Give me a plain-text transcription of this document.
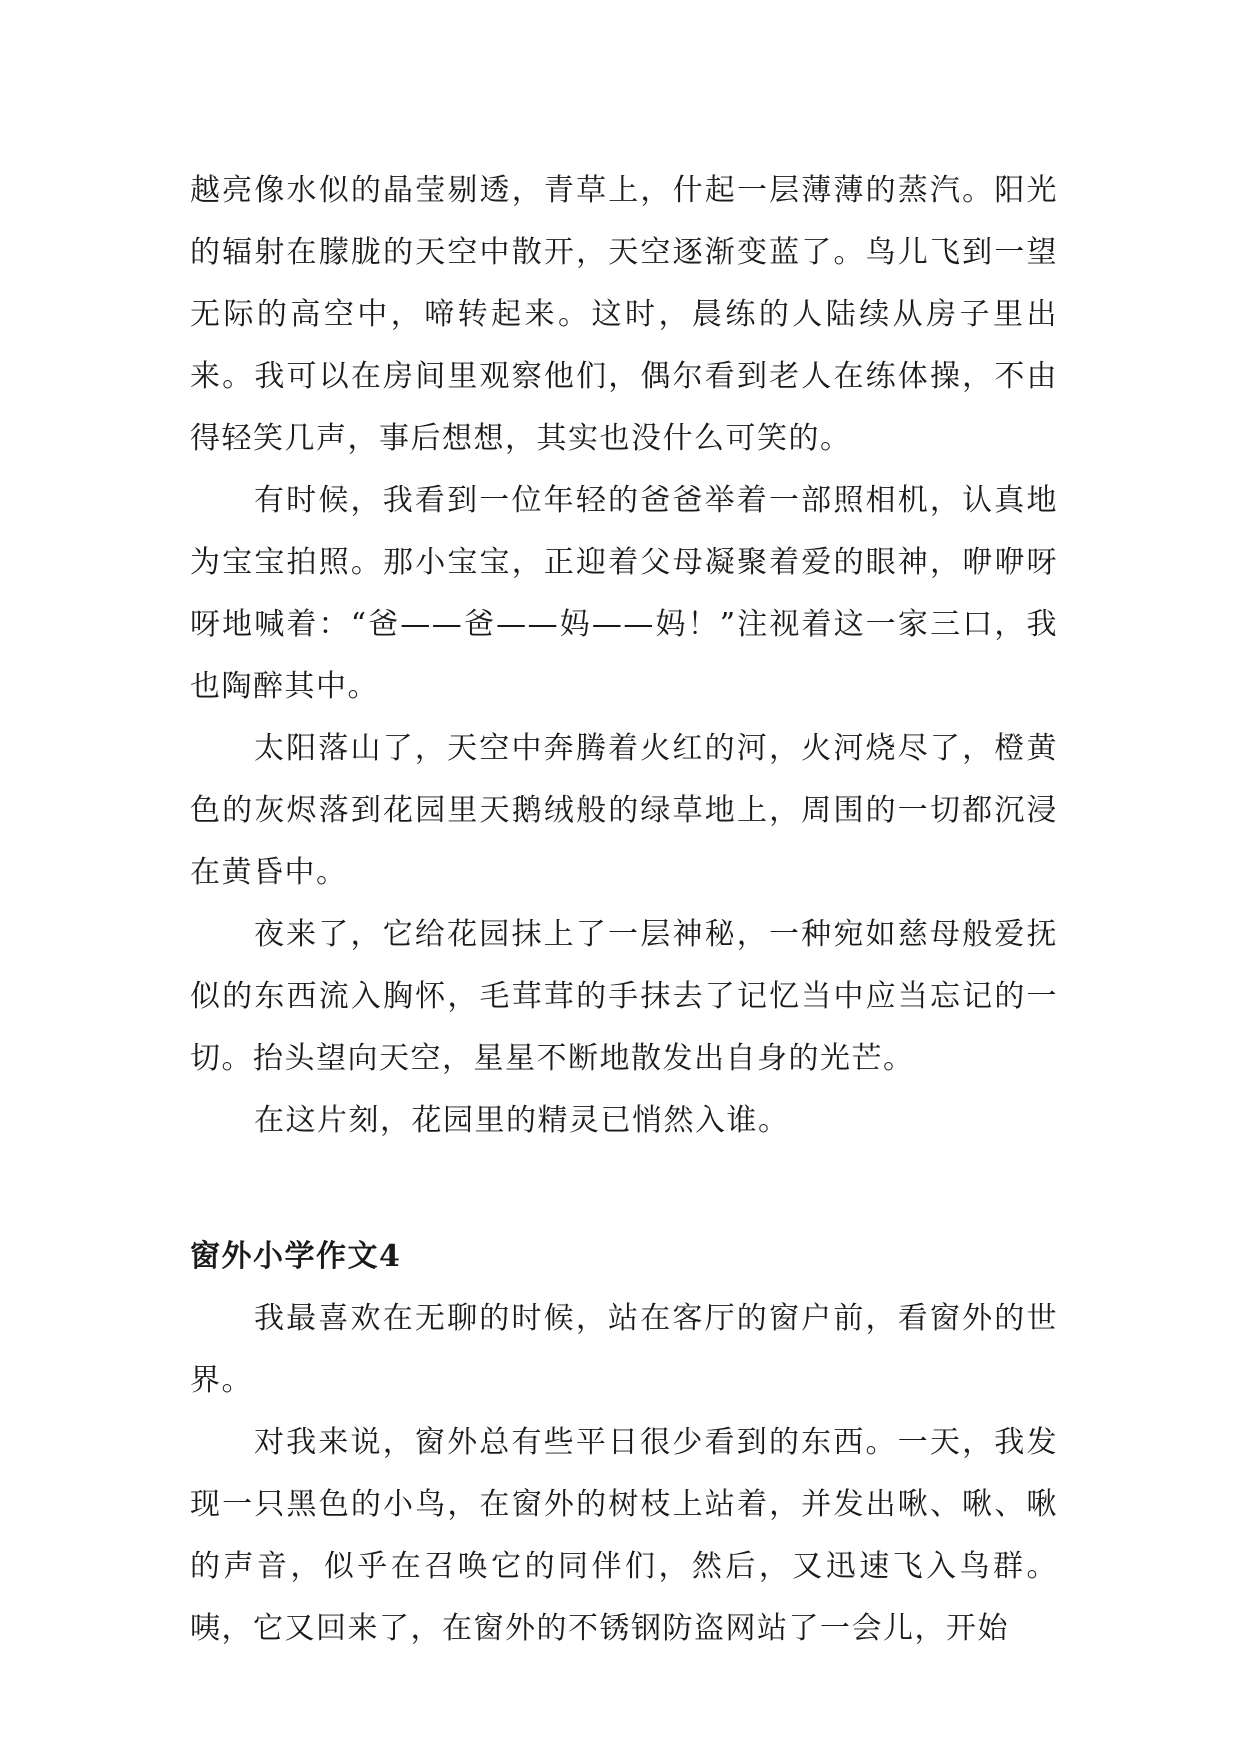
越亮像水似的晶莹剔透，青草上，什起一层薄薄的蒸汽。阳光的辐射在朦胧的天空中散开，天空逐渐变蓝了。鸟儿飞到一望无际的高空中，啼转起来。这时，晨练的人陆续从房子里出来。我可以在房间里观察他们，偶尔看到老人在练体操，不由得轻笑几声，事后想想，其实也没什么可笑的。

有时候，我看到一位年轻的爸爸举着一部照相机，认真地为宝宝拍照。那小宝宝，正迎着父母凝聚着爱的眼神，咿咿呀呀地喊着：“爸——爸——妈——妈！”注视着这一家三口，我也陶醉其中。

太阳落山了，天空中奔腾着火红的河，火河烧尽了，橙黄色的灰烬落到花园里天鹅绒般的绿草地上，周围的一切都沉浸在黄昏中。

夜来了，它给花园抹上了一层神秘，一种宛如慈母般爱抚似的东西流入胸怀，毛茸茸的手抹去了记忆当中应当忘记的一切。抬头望向天空，星星不断地散发出自身的光芒。

在这片刻，花园里的精灵已悄然入谁。

窗外小学作文4

我最喜欢在无聊的时候，站在客厅的窗户前，看窗外的世界。

对我来说，窗外总有些平日很少看到的东西。一天，我发现一只黑色的小鸟，在窗外的树枝上站着，并发出啾、啾、啾的声音，似乎在召唤它的同伴们，然后，又迅速飞入鸟群。咦，它又回来了，在窗外的不锈钢防盗网站了一会儿，开始
